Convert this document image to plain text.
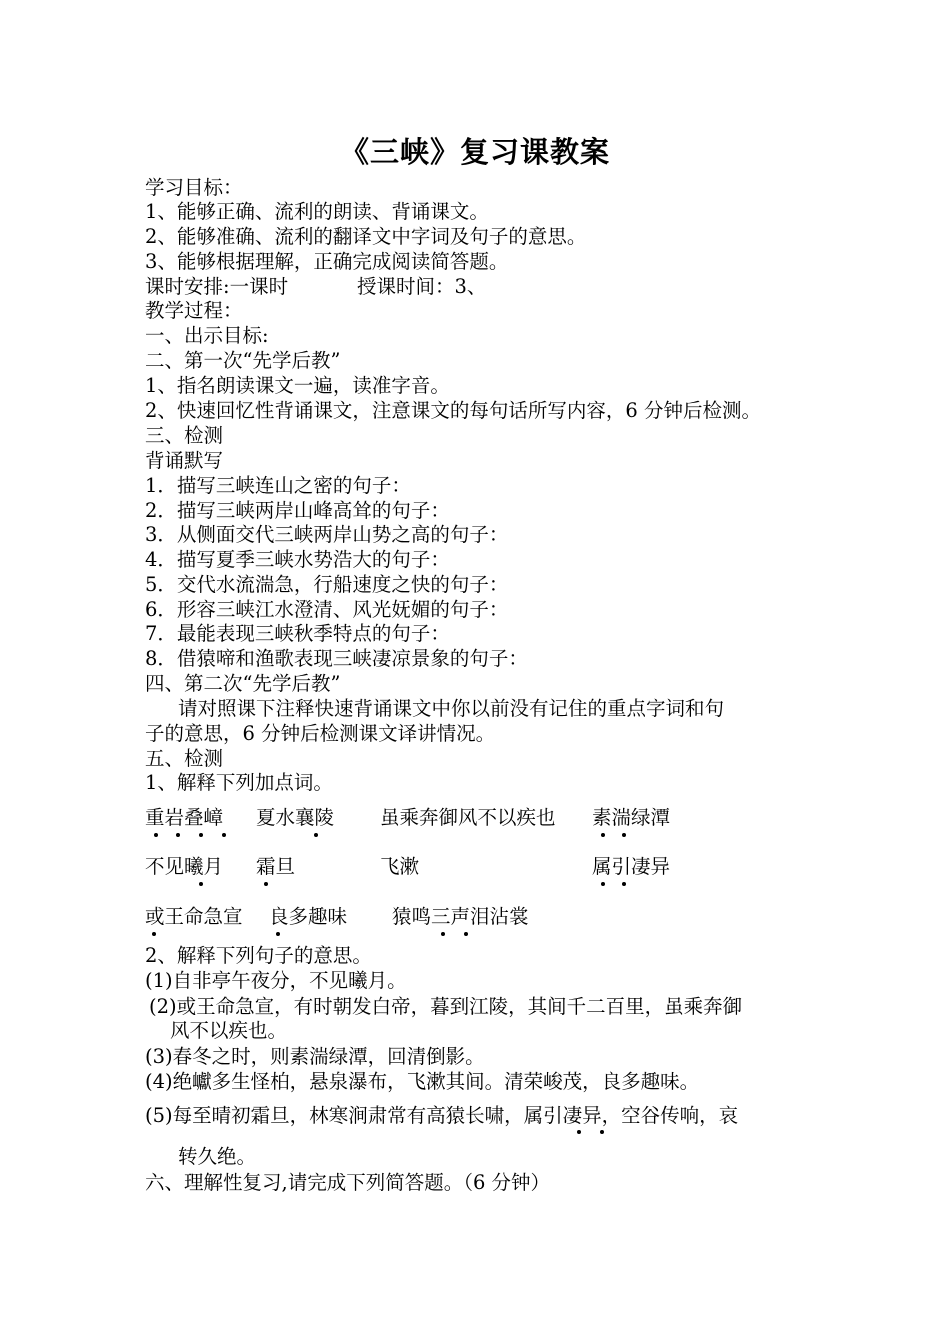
《三峡》复习课教案
学习目标：
1、能够正确、流利的朗读、背诵课文。
2、能够准确、流利的翻译文中字词及句子的意思。
3、能够根据理解，正确完成阅读简答题。
课时安排:一课时	授课时间：3、
教学过程：
一、出示目标:
二、第一次“先学后教”
1、指名朗读课文一遍，读准字音。
2、快速回忆性背诵课文，注意课文的每句话所写内容，6 分钟后检测。
三、检测
背诵默写
1．描写三峡连山之密的句子：
2．描写三峡两岸山峰高耸的句子：
3．从侧面交代三峡两岸山势之高的句子：
4．描写夏季三峡水势浩大的句子：
5．交代水流湍急，行船速度之快的句子：
6．形容三峡江水澄清、风光妩媚的句子：
7．最能表现三峡秋季特点的句子：
8．借猿啼和渔歌表现三峡凄凉景象的句子：
四、第二次“先学后教”
请对照课下注释快速背诵课文中你以前没有记住的重点字词和句
子的意思，6 分钟后检测课文译讲情况。
五、检测
1、解释下列加点词。
重岩叠嶂 夏水襄陵 虽乘奔御风不以疾也 素湍绿潭
不见曦月 霜旦	飞漱	属引凄异
或王命急宣 良多趣味 猿鸣三声泪沾裳
2、解释下列句子的意思。
(1)自非亭午夜分，不见曦月。
(2)或王命急宣，有时朝发白帝，暮到江陵，其间千二百里，虽乘奔御
风不以疾也。
(3)春冬之时，则素湍绿潭，回清倒影。
(4)绝巘多生怪柏，悬泉瀑布，飞漱其间。清荣峻茂，良多趣味。
(5)每至晴初霜旦，林寒涧肃常有高猿长啸，属引凄异，空谷传响，哀
转久绝。
六、理解性复习,请完成下列简答题。（6 分钟）
